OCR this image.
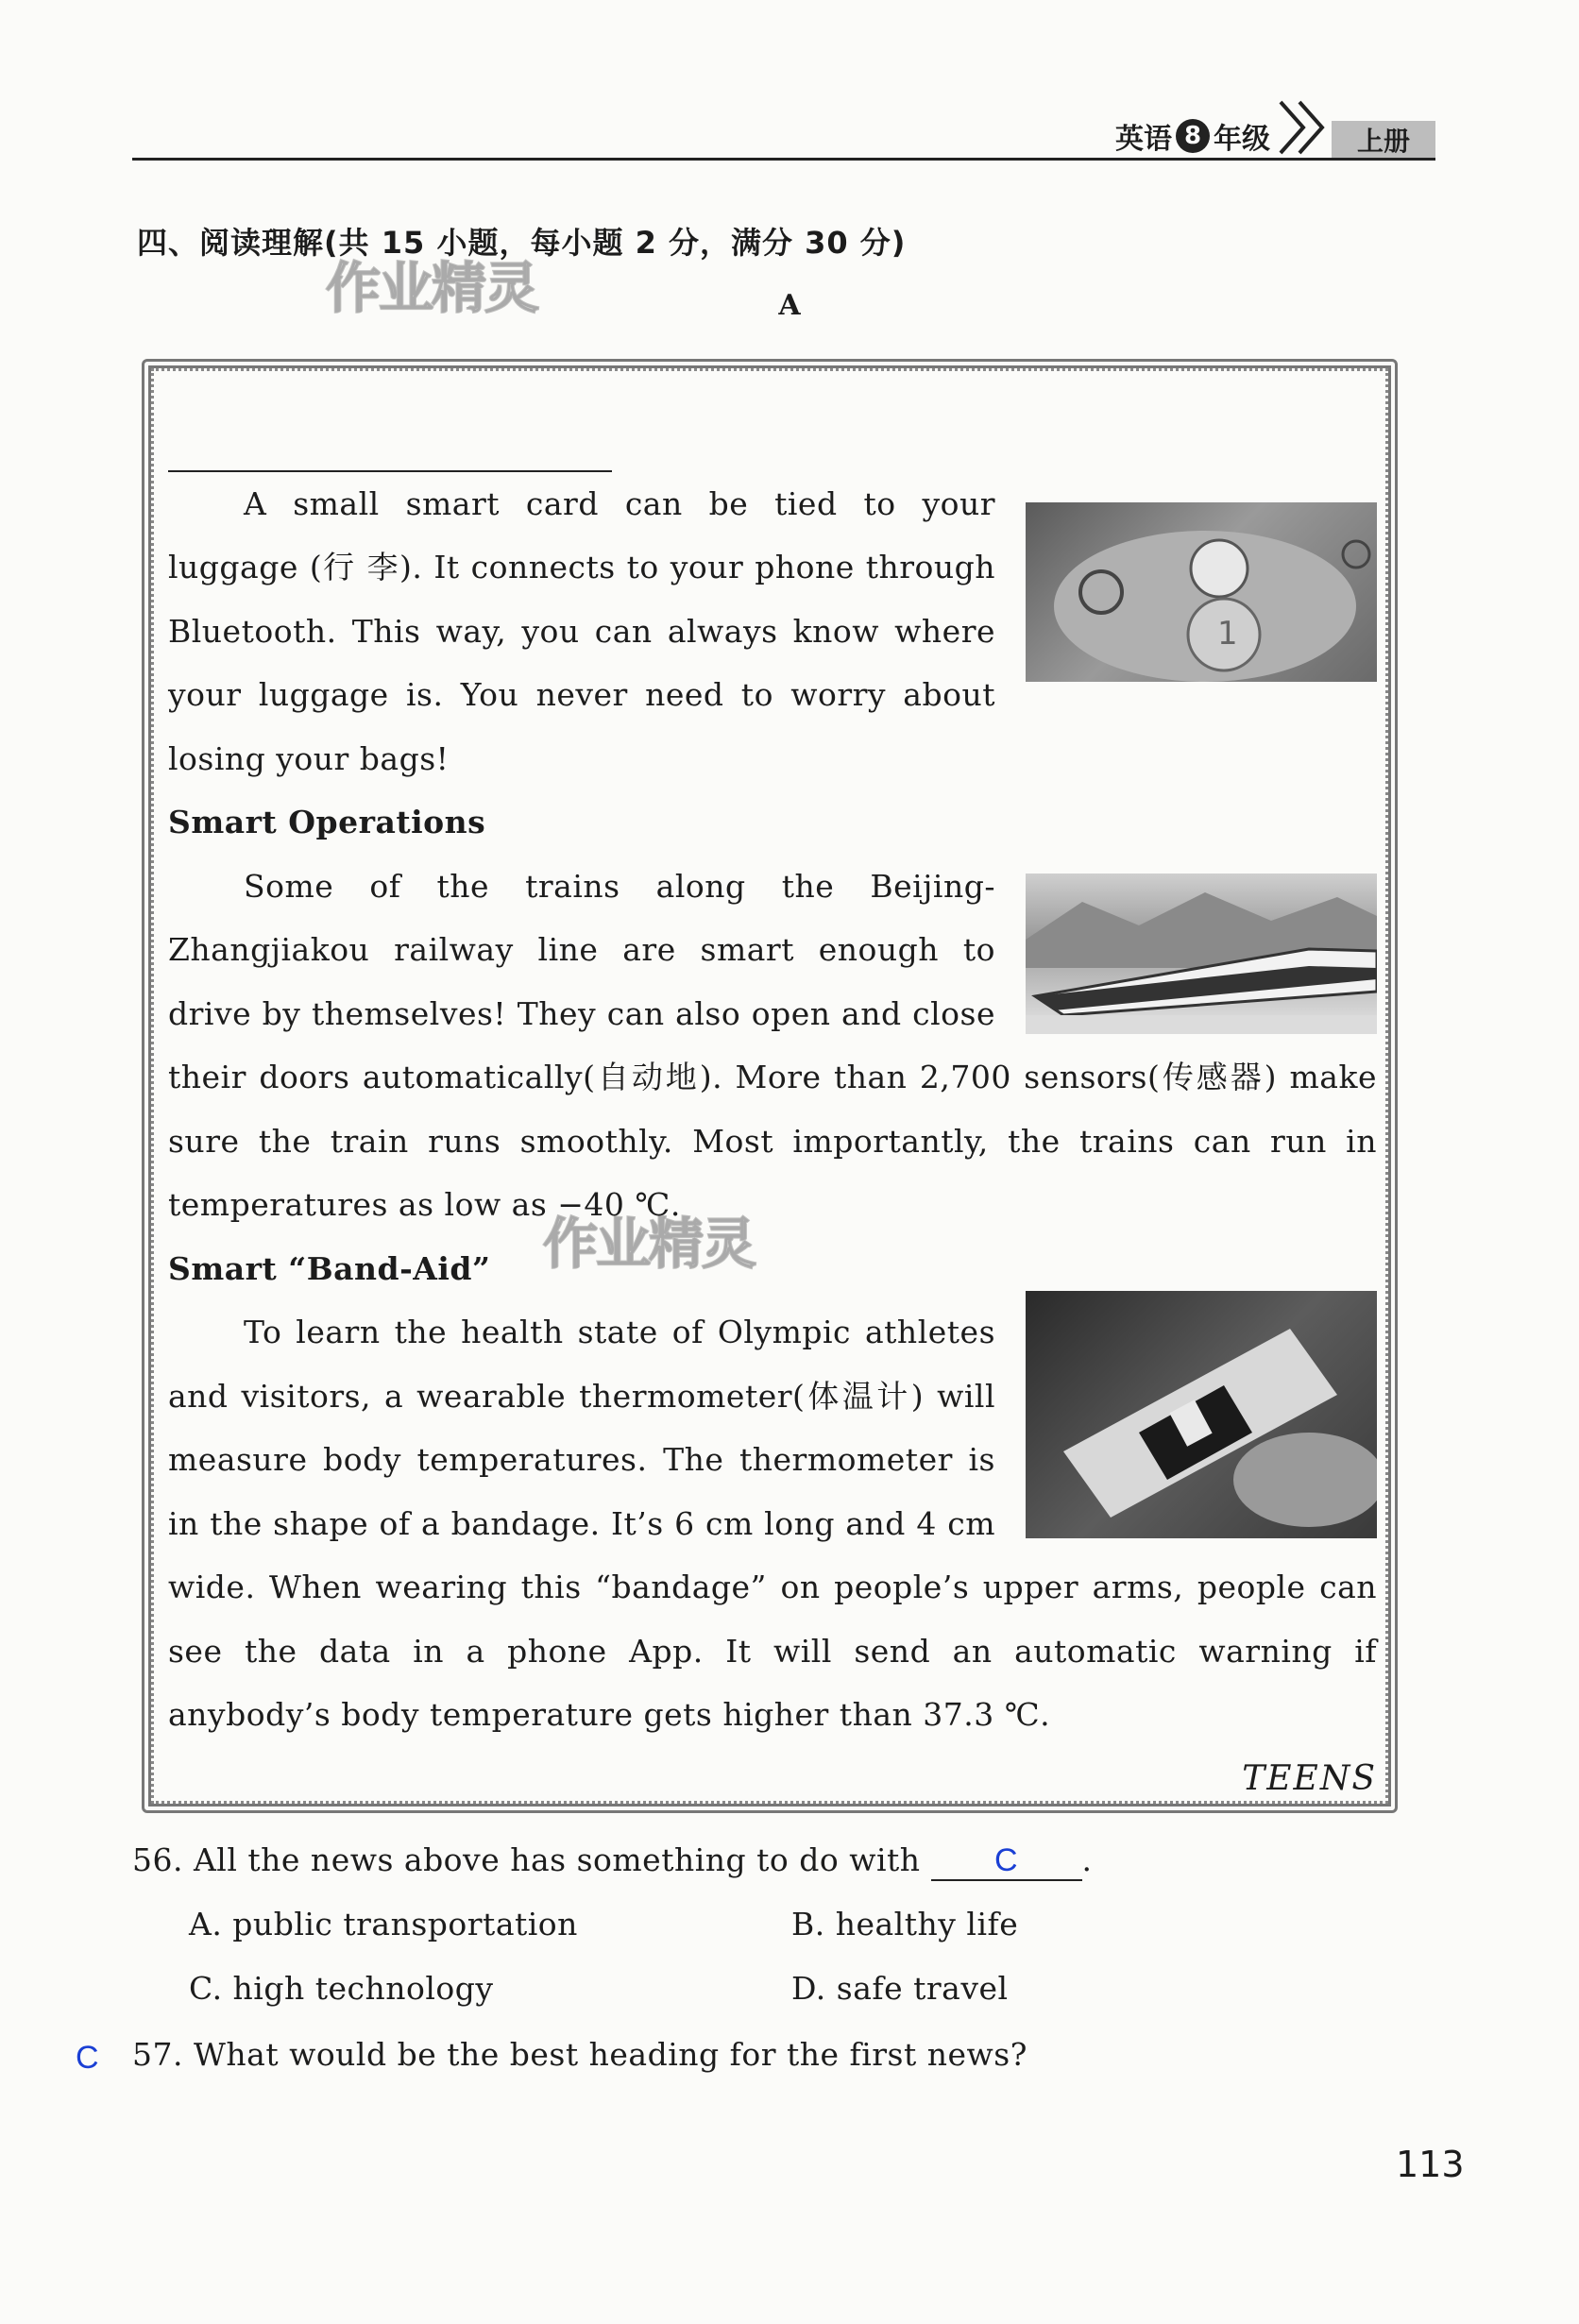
英语 8 年级	上册
四、阅读理解(共 15 小题，每小题 2 分，满分 30 分)
A
作业精灵
作业精灵
1

A small smart card can be tied to your luggage (行 李). It connects to your phone through Bluetooth. This way, you can always know where your luggage is. You never need to worry about losing your bags!

Smart Operations

Some of the trains along the Beijing-Zhangjiakou railway line are smart enough to drive by themselves! They can also open and close their doors automatically(自动地). More than 2,700 sensors(传感器) make sure the train runs smoothly. Most importantly, the trains can run in temperatures as low as −40 ℃.

Smart “Band-Aid”

To learn the health state of Olympic athletes and visitors, a wearable thermometer(体温计) will measure body temperatures. The thermometer is in the shape of a bandage. It’s 6 cm long and 4 cm wide. When wearing this “bandage” on people’s upper arms, people can see the data in a phone App. It will send an automatic warning if anybody’s body temperature gets higher than 37.3 ℃.

TEENS
56. All the news above has something to do with C .
A. public transportation	B. healthy life
C. high technology	D. safe travel
C 57. What would be the best heading for the first news?
113
